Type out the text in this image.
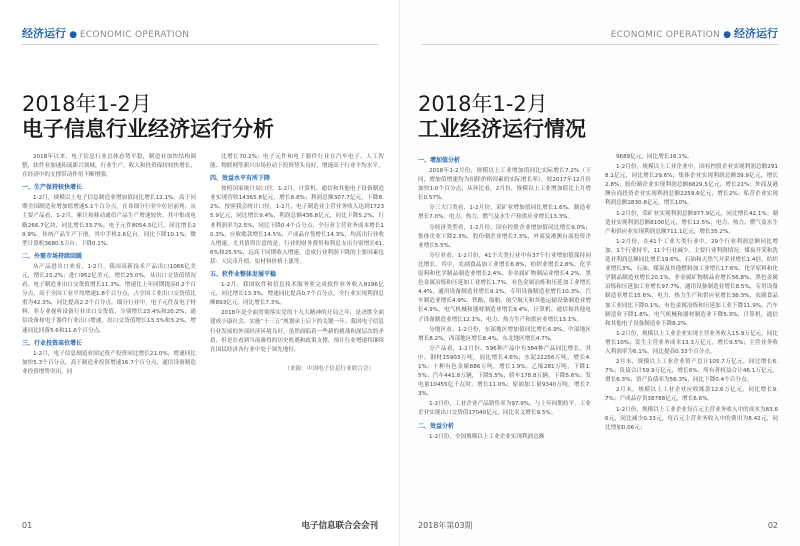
经济运行 ● ECONOMIC OPERATION
2018年1-2月
电子信息行业经济运行分析

2018年以来，电子信息行业总体态势平稳，制造业加快结构调整，软件业加速拓展新兴领域，行业生产、收入和投资保持较快增长，在经济中的支撑带动作用不断增强。

一、生产保持较快增长

1-2月，规模以上电子信息制造业增加值同比增长12.1%，高于同期全国制造业增加值增速5.1个百分点，在各细分行业中位居前列。从主要产品看，1-2月，累计和移动通信产品生产增速较快，其中集成电路266.7亿块，同比增长33.7%；电子元件8054.5亿只，同比增长29.9%。传统产品生产下滑，其中手机2.6亿台，同比下降10.1%；微型计算机3680.5万台，下降0.1%。

二、外需市场持续回暖

从产品进出口来看，1-2月，我国高新技术产品出口1066亿美元，增长23.2%；进口952亿美元，增长25.0%。从出口交货值情况看，电子制造业出口交货值增长11.3%，增速比上年同期提高0.2个百分点，高于全国工业平均增速1.8个百分点，占全国工业出口交货值比重为42.3%。同比提高2.2个百分点。细分行业中，电子元件及电子材料、非专业视听设备行业出口交货值，分别增长23.4%和20.2%，通信设备和电子器件行业出口增速，出口交货值增长13.3%和3.2%，增速同比回落5.6和11.6个百分点。

三、行业投资高位增长

1-2月，电子信息制造业固定资产投资同比增长21.0%，增速同比加快5.3个百分点，高于制造业投资增速16.7个百分点，通信设备制造业投资增势突出，同

比增长70.2%；电子元件和电子器件行业在汽车电子、人工智能、物联网等新兴市场拉动下投资势头良好，增速高于行业平均水平。

四、效益水平有所下降

按照国家统计局口径，1-2月，计算机、通信和其他电子设备制造业实现营收14365.8亿元，增长8.8%；利润总额307.7亿元，下降8.2%，按照我会统计口径，1-2月，电子制造业主营业务收入达到17235.9亿元，同比增长9.4%，利润总额436.8亿元，同比下降5.2%，行业利润率为2.5%，同比下降0.4个百分点，全行业主营业务成本增长10.3%，应收账款增长14.5%，产成品存货增长14.3%，均高出行业收入增速，尤其值得注意的是，行业的财务费用和利息支出分别增长61.6%和25.5%，远高于同期收入增速，造成行业利润下降的主要因素包括：人民币升值、原材料价格上涨等。

五、软件业整体发展平稳

1-2月，我国软件和信息技术服务业完成软件业务收入8196亿元，同比增长13.3%，增速同比提高0.7个百分点，全行业实现利润总额893亿元，同比增长7.3%。

2018年是全面贯彻落实党的十九大精神的开局之年，是决胜全面建成小康社会、实施“十三五”规划承上启下的关键一年。我国电子信息行业发展的外部经济环境良好，虽然面临着一些新的挑战和深层次的矛盾，但是在看到当前难得的历史机遇和政策支撑，预计行业增速将继续在国民经济各行业中处于领先地位。

（来源：中国电子信息行业联合会）
01	电子信息联合会会刊
ECONOMIC OPERATION ● 经济运行
2018年1-2月
工业经济运行情况
一、增加值分析

2018年1-2月份，规模以上工业增加值同比实际增长7.2%（下同，增加值增速均为扣除价格因素的实际增长率），较2017年12月份加快1.0个百分点；从环比看，2月份，规模以上工业增加值比上月增长0.57%。

分三大门类看，1-2月份，采矿业增加值同比增长1.6%，制造业增长7.0%，电力、热力、燃气及水生产和供应业增长13.3%。

分经济类型看，1-2月份，国有控股企业增加值同比增长9.0%；集体企业下降2.3%，股份制企业增长7.3%，外商及港澳台商投资企业增长5.5%。

分行业看，1-2月份，41个大类行业中有37个行业增加值保持同比增长。其中，农副食品加工业增长6.8%，纺织业增长2.8%，化学原料和化学制品制造业增长2.4%，非金属矿物制品业增长4.2%，黑色金属冶炼和压延加工业增长1.7%，有色金属冶炼和压延加工业增长4.4%，通用设备制造业增长9.1%，专用设备制造业增长10.3%，汽车制造业增长4.9%，铁路、船舶、航空航天和其他运输设备制造业增长4.9%，电气机械和器材制造业增长9.4%，计算机、通信和其他电子设备制造业增长12.1%，电力、热力生产和供应业增长13.1%。

分地区看，1-2月份，东部地区增加值同比增长6.9%，中部地区增长8.2%，西部地区增长8.4%，东北地区增长4.7%。

分产品看，1-2月份，596种产品中有384种产品同比增长。其中，钢材15903万吨，同比增长4.6%；水泥22256万吨，增长4.1%；十种有色金属886万吨，增长1.9%；乙烯281万吨，下降1.5%；汽车441.8万辆，下降5.5%；轿车178.8万辆，下降5.6%；发电量10455亿千瓦时，增长11.0%；原油加工量9340万吨，增长7.3%。

1-2月份，工业企业产品销售率为97.9%，与上年同期持平。工业企业实现出口交货值17040亿元，同比名义增长9.5%。

二、效益分析

1-2月份，全国规模以上工业企业实现利润总额

9689亿元，同比增长16.1%。

1-2月份，规模以上工业企业中，国有控股企业实现利润总额2918.1亿元，同比增长29.6%；集体企业实现利润总额39.9亿元，增长2.8%；股份制企业实现利润总额6829.5亿元，增长21%；外商及港澳台商投资企业实现利润总额2259.6亿元，增长2%；私营企业实现利润总额2830.8亿元，增长10%。

1-2月份，采矿业实现利润总额977.9亿元，同比增长42.1%；制造业实现利润总额8100亿元，增长12.5%；电力、热力、燃气及水生产和供应业实现利润总额711.1亿元，增长35.2%。

1-2月份，在41个工业大类行业中，29个行业利润总额同比增加，1个行业持平，11个行业减少。主要行业利润情况：煤炭开采和洗选业利润总额同比增长19.6%，石油和天然气开采业增长1.4倍，纺织业增长3%，石油、煤炭及其他燃料加工业增长17.6%，化学原料和化学制品制造业增长20.1%，非金属矿物制品业增长56.8%，黑色金属冶炼和压延加工业增长97.7%，通用设备制造业增长8.5%，专用设备制造业增长15.6%，电力、热力生产和供应业增长38.3%，农副食品加工业同比下降0.1%，有色金属冶炼和压延加工业下降11.9%，汽车制造业下降1.8%，电气机械和器材制造业下降5.3%，计算机、通信和其他电子设备制造业下降8.2%。

1-2月份，规模以上工业企业实现主营业务收入15.9万亿元，同比增长10%；发生主营业务成本13.3万亿元，增长9.5%；主营业务收入利润率为6.1%，同比提高0.33个百分点。

2月末，规模以上工业企业资产总计105.7万亿元，同比增长6.7%；负债合计59.9万亿元，增长6%；所有者权益合计46.1万亿元，增长6.3%；资产负债率为56.3%，同比下降0.4个百分点。

2月末，规模以上工业企业应收账款12.6万亿元，同比增长9.7%；产成品存货38788亿元，增长6.6%。

1-2月份，规模以上工业企业每百元主营业务收入中的成本为83.66元，同比减少0.33元，每百元主营业务收入中的费用为8.42元，同比增加0.06元；

2018年第03期	02
